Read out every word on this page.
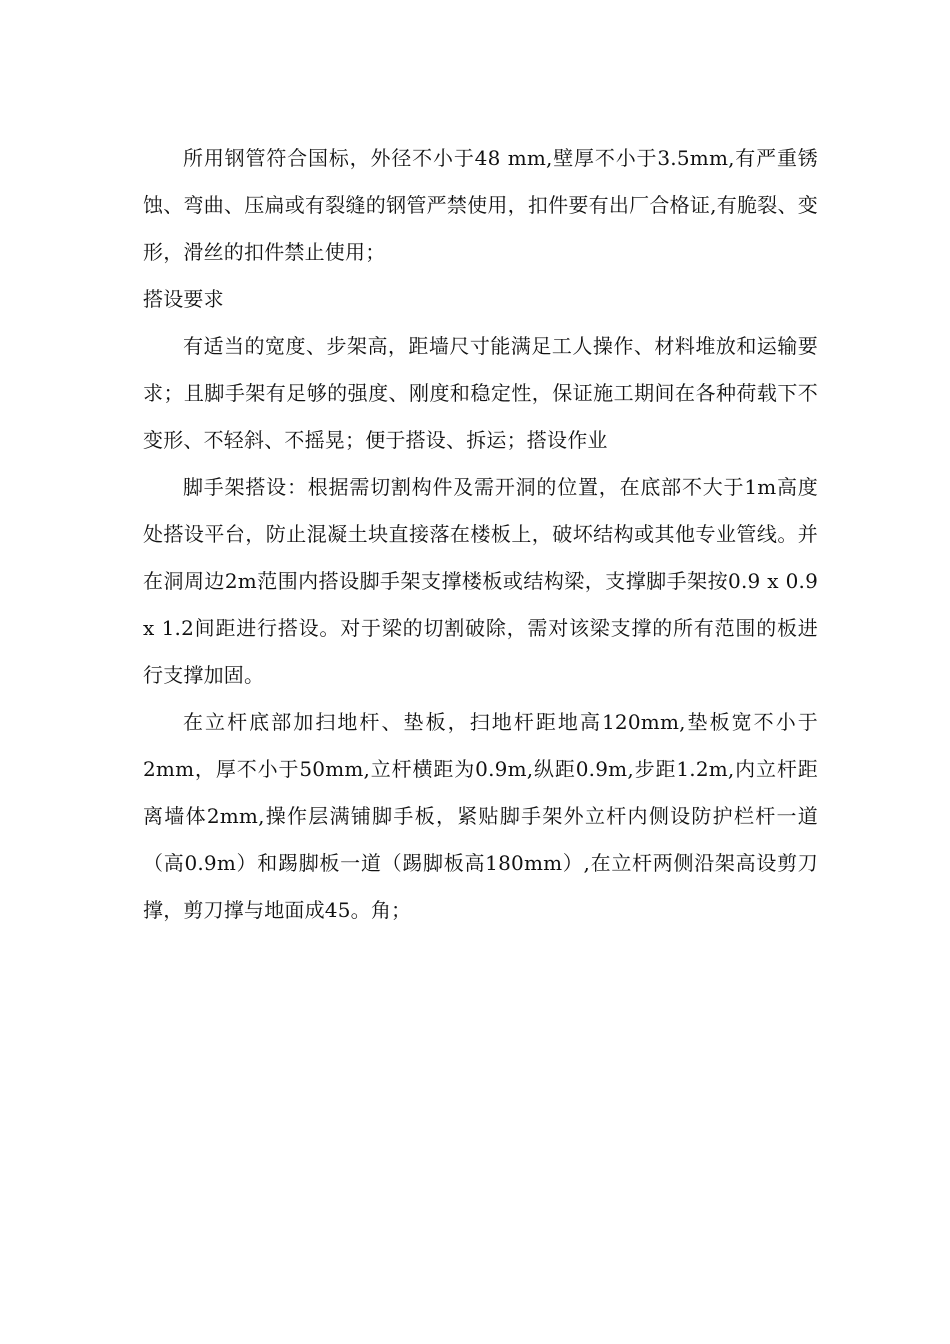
所用钢管符合国标，外径不小于48 mm,壁厚不小于3.5mm,有严重锈蚀、弯曲、压扁或有裂缝的钢管严禁使用，扣件要有出厂合格证,有脆裂、变形，滑丝的扣件禁止使用；

搭设要求

有适当的宽度、步架高，距墙尺寸能满足工人操作、材料堆放和运输要求；且脚手架有足够的强度、刚度和稳定性，保证施工期间在各种荷载下不变形、不轻斜、不摇晃；便于搭设、拆运；搭设作业

脚手架搭设：根据需切割构件及需开洞的位置，在底部不大于1m高度处搭设平台，防止混凝土块直接落在楼板上，破坏结构或其他专业管线。并在洞周边2m范围内搭设脚手架支撑楼板或结构梁，支撑脚手架按0.9 x 0.9 x 1.2间距进行搭设。对于梁的切割破除，需对该梁支撑的所有范围的板进行支撑加固。

在立杆底部加扫地杆、垫板，扫地杆距地高120mm,垫板宽不小于2mm，厚不小于50mm,立杆横距为0.9m,纵距0.9m,步距1.2m,内立杆距离墙体2mm,操作层满铺脚手板，紧贴脚手架外立杆内侧设防护栏杆一道（高0.9m）和踢脚板一道（踢脚板高180mm）,在立杆两侧沿架高设剪刀撑，剪刀撑与地面成45。角；
